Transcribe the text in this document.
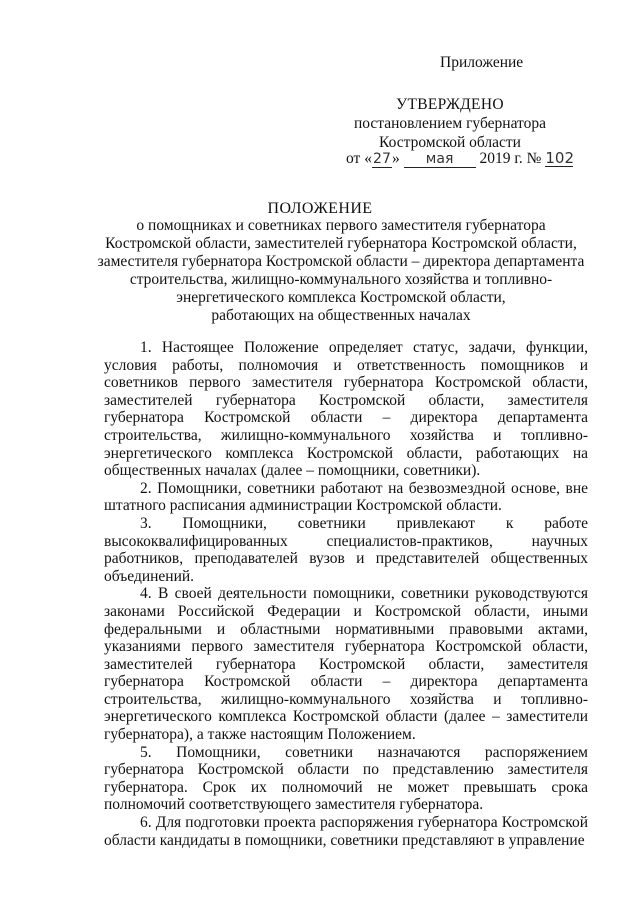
Приложение
УТВЕРЖДЕНО
постановлением губернатора
Костромской области
от «27» мая 2019 г. № 102
ПОЛОЖЕНИЕ
о помощниках и советниках первого заместителя губернатора
Костромской области, заместителей губернатора Костромской области,
заместителя губернатора Костромской области – директора департамента
строительства, жилищно-коммунального хозяйства и топливно-
энергетического комплекса Костромской области,
работающих на общественных началах

1. Настоящее Положение определяет статус, задачи, функции, условия работы, полномочия и ответственность помощников и советников первого заместителя губернатора Костромской области, заместителей губернатора Костромской области, заместителя губернатора Костромской области – директора департамента строительства, жилищно-коммунального хозяйства и топливно-энергетического комплекса Костромской области, работающих на общественных началах (далее – помощники, советники).

2. Помощники, советники работают на безвозмездной основе, вне штатного расписания администрации Костромской области.

3. Помощники, советники привлекают к работе высококвалифицированных специалистов-практиков, научных работников, преподавателей вузов и представителей общественных объединений.

4. В своей деятельности помощники, советники руководствуются законами Российской Федерации и Костромской области, иными федеральными и областными нормативными правовыми актами, указаниями первого заместителя губернатора Костромской области, заместителей губернатора Костромской области, заместителя губернатора Костромской области – директора департамента строительства, жилищно-коммунального хозяйства и топливно-энергетического комплекса Костромской области (далее – заместители губернатора), а также настоящим Положением.

5. Помощники, советники назначаются распоряжением губернатора Костромской области по представлению заместителя губернатора. Срок их полномочий не может превышать срока полномочий соответствующего заместителя губернатора.

6. Для подготовки проекта распоряжения губернатора Костромской области кандидаты в помощники, советники представляют в управление
